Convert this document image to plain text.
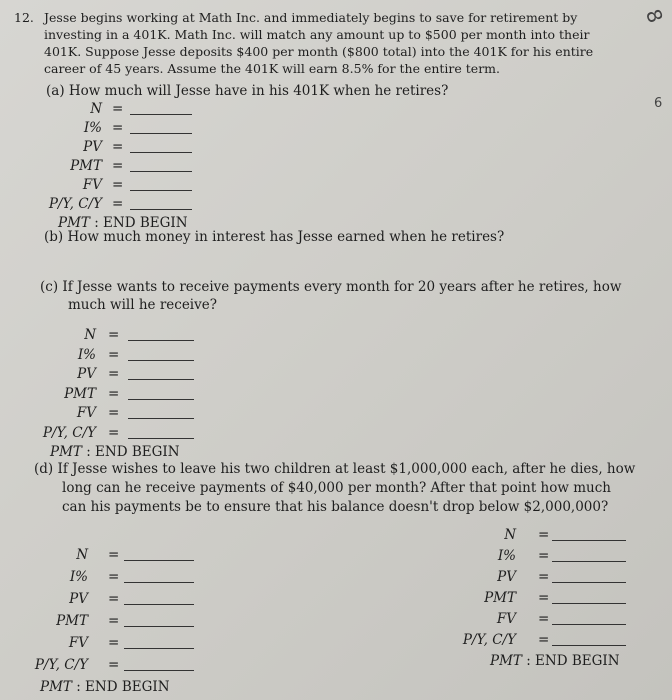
12. Jesse begins working at Math Inc. and immediately begins to save for retirement by
investing in a 401K. Math Inc. will match any amount up to $500 per month into their
401K. Suppose Jesse deposits $400 per month ($800 total) into the 401K for his entire
career of 45 years. Assume the 401K will earn 8.5% for the entire term.
(a) How much will Jesse have in his 401K when he retires?
N =
I% =
PV =
PMT =
FV =
P/Y, C/Y =
PMT : END BEGIN
(b) How much money in interest has Jesse earned when he retires?
(c) If Jesse wants to receive payments every month for 20 years after he retires, how
much will he receive?
N =
I% =
PV =
PMT =
FV =
P/Y, C/Y =
PMT : END BEGIN
(d) If Jesse wishes to leave his two children at least $1,000,000 each, after he dies, how
long can he receive payments of $40,000 per month? After that point how much
can his payments be to ensure that his balance doesn't drop below $2,000,000?
N =
I% =
PV =
PMT =
FV =
P/Y, C/Y =
PMT : END BEGIN
N =
I% =
PV =
PMT =
FV =
P/Y, C/Y =
PMT : END BEGIN
8
6
